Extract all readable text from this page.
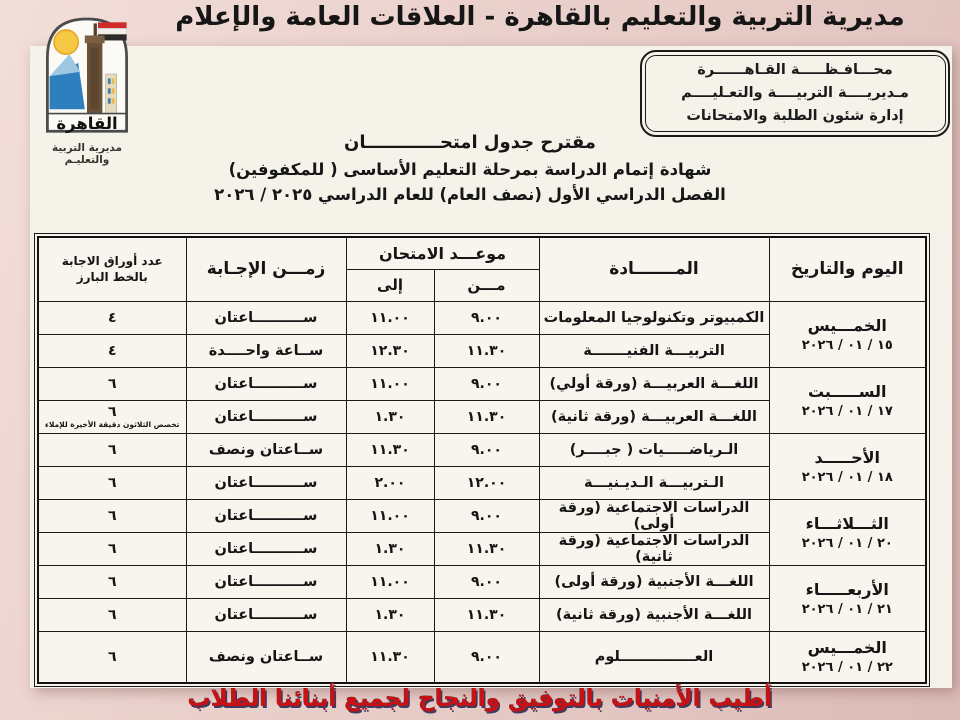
مديرية التربية والتعليم بالقاهرة - العلاقات العامة والإعلام
القاهرة
مديرية التربية والتعليـم
محـــافـظـــــة القـاهــــــرة
مـديريــــة التربيــــة والتعـليــــم
إدارة شئون الطلبة والامتحانات
مقترح جدول امتحــــــــــــان
شهادة إتمام الدراسة بمرحلة التعليم الأساسى ( للمكفوفين)
الفصل الدراسي الأول (نصف العام) للعام الدراسي ٢٠٢٥ / ٢٠٢٦
اليوم والتاريخ	المـــــــادة	موعـــد الامتحان		زمـــن الإجـابة	عدد أوراق الاجابة
بالخط البارز

		مـــن	إلى		

الخمـــيس
١٥ / ٠١ / ٢٠٢٦	الكمبيوتر وتكنولوجيا المعلومات	٩.٠٠	١١.٠٠	ســــــــــاعتان	٤
	التربيـــة الفنيـــــــة	١١.٣٠	١٢.٣٠	ســاعة واحــــدة	٤

الســـــبت
١٧ / ٠١ / ٢٠٢٦	اللغـــة العربيـــة (ورقة أولي)	٩.٠٠	١١.٠٠	ســــــــــاعتان	٦
	اللغـــة العربيـــة (ورقة ثانية)	١١.٣٠	١.٣٠	ســــــــــاعتان	٦
تخصص الثلاثون دقيقة الأخيرة للإملاء

الأحـــــد
١٨ / ٠١ / ٢٠٢٦	الـرياضـــــيات ( جبــــر)	٩.٠٠	١١.٣٠	ســاعتان ونصف	٦
	الـتربيـــة الـديـنيـــة	١٢.٠٠	٢.٠٠	ســــــــــاعتان	٦

الثـــلاثـــاء
٢٠ / ٠١ / ٢٠٢٦	الدراسات الاجتماعية (ورقة أولى)	٩.٠٠	١١.٠٠	ســــــــــاعتان	٦
	الدراسات الاجتماعية (ورقة ثانية)	١١.٣٠	١.٣٠	ســــــــــاعتان	٦

الأربعـــــاء
٢١ / ٠١ / ٢٠٢٦	اللغـــة الأجنبية (ورقة أولى)	٩.٠٠	١١.٠٠	ســــــــــاعتان	٦
	اللغـــة الأجنبية (ورقة ثانية)	١١.٣٠	١.٣٠	ســــــــــاعتان	٦

الخمـــيس
٢٢ / ٠١ / ٢٠٢٦	العـــــــــــــــلوم	٩.٠٠	١١.٣٠	ســاعتان ونصف	٦
أطيب الأمنيات بالتوفيق والنجاح لجميع أبنائنا الطلاب
